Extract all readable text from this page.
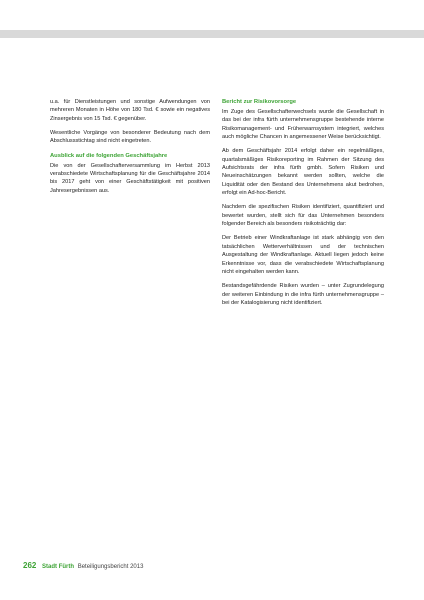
u.a. für Dienstleistungen und sonstige Aufwendungen von mehreren Monaten in Höhe von 180 Tsd. € sowie ein negatives Zinsergebnis von 15 Tsd. € gegenüber.

Wesentliche Vorgänge von besonderer Bedeutung nach dem Abschlussstichtag sind nicht eingetreten.

Ausblick auf die folgenden Geschäftsjahre

Die von der Gesellschafterversammlung im Herbst 2013 verabschiedete Wirtschaftsplanung für die Geschäftsjahre 2014 bis 2017 geht von einer Geschäftstätigkeit mit positiven Jahresergebnissen aus.

Bericht zur Risikovorsorge

Im Zuge des Gesellschafterwechsels wurde die Gesellschaft in das bei der infra fürth unternehmensgruppe bestehende interne Risikomanagement- und Früherwarnsystem integriert, welches auch mögliche Chancen in angemessener Weise berücksichtigt.

Ab dem Geschäftsjahr 2014 erfolgt daher ein regelmäßiges, quartalsmäßiges Risikoreporting im Rahmen der Sitzung des Aufsichtsrats der infra fürth gmbh. Sofern Risiken und Neueinschätzungen bekannt werden sollten, welche die Liquidität oder den Bestand des Unternehmens akut bedrohen, erfolgt ein Ad-hoc-Bericht.

Nachdem die spezifischen Risiken identifiziert, quantifiziert und bewertet wurden, stellt sich für das Unternehmen besonders folgender Bereich als besonders risikoträchtig dar:

Der Betrieb einer Windkraftanlage ist stark abhängig von den tatsächlichen Wetterverhältnissen und der technischen Ausgestaltung der Windkraftanlage. Aktuell liegen jedoch keine Erkenntnisse vor, dass die verabschiedete Wirtschaftsplanung nicht eingehalten werden kann.

Bestandsgefährdende Risiken wurden – unter Zugrundelegung der weiteren Einbindung in die infra fürth unternehmensgruppe – bei der Katalogisierung nicht identifiziert.

262 Stadt Fürth Beteiligungsbericht 2013
